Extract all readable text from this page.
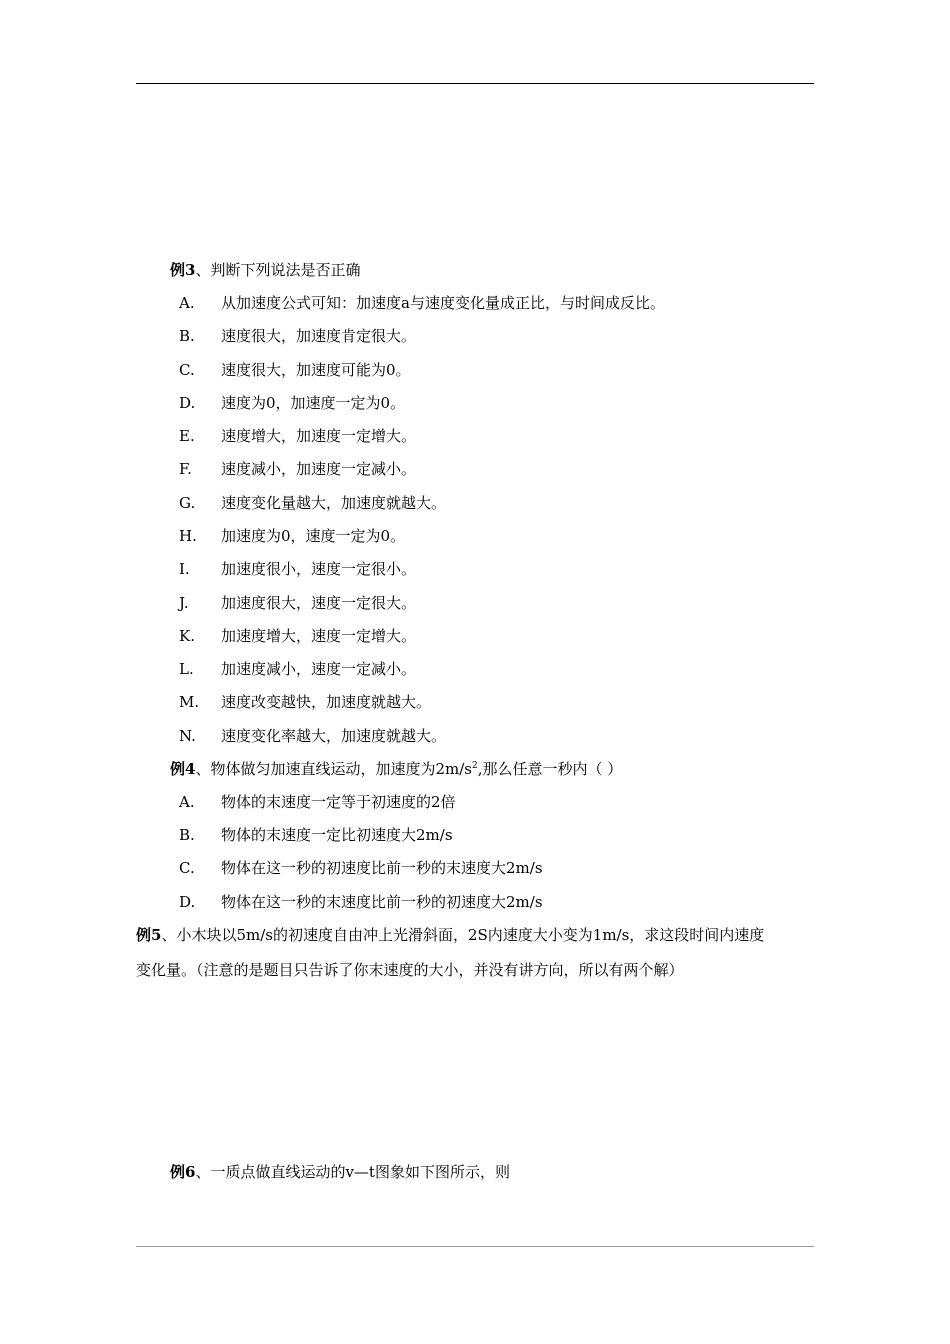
例3、判断下列说法是否正确
A.	从加速度公式可知：加速度a与速度变化量成正比，与时间成反比。
B.	速度很大，加速度肯定很大。
C.	速度很大，加速度可能为0。
D.	速度为0，加速度一定为0。
E.	速度增大，加速度一定增大。
F.	速度减小，加速度一定减小。
G.	速度变化量越大，加速度就越大。
H.	加速度为0，速度一定为0。
I.	加速度很小，速度一定很小。
J.	加速度很大，速度一定很大。
K.	加速度增大，速度一定增大。
L.	加速度减小，速度一定减小。
M.	速度改变越快，加速度就越大。
N.	速度变化率越大，加速度就越大。
例4、物体做匀加速直线运动，加速度为$2m/s^2$,那么任意一秒内（ ）
A.	物体的末速度一定等于初速度的2倍
B.	物体的末速度一定比初速度大2m/s
C.	物体在这一秒的初速度比前一秒的末速度大2m/s
D.	物体在这一秒的末速度比前一秒的初速度大2m/s
例5、小木块以5m/s的初速度自由冲上光滑斜面，2S内速度大小变为1m/s，求这段时间内速度
变化量。（注意的是题目只告诉了你末速度的大小，并没有讲方向，所以有两个解）
例6、一质点做直线运动的v—t图象如下图所示，则
